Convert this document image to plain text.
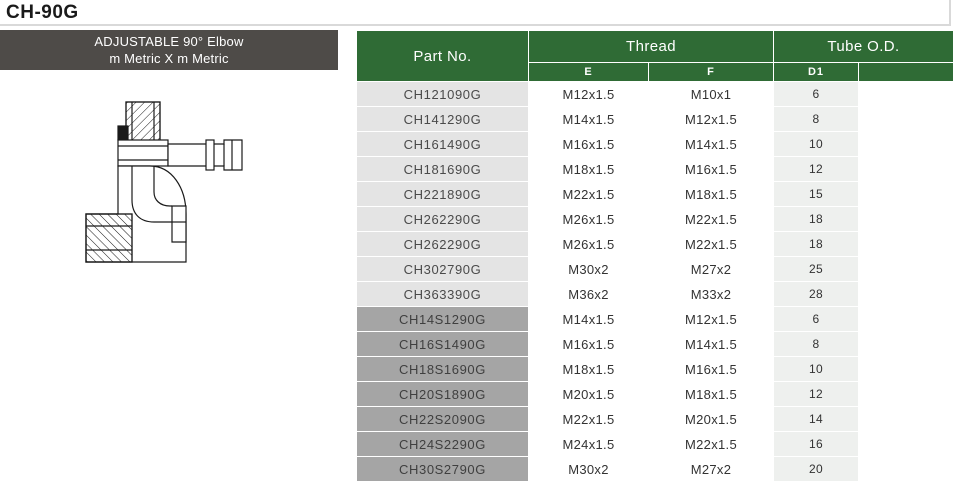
CH-90G
ADJUSTABLE 90° Elbow
m Metric X m Metric	Part No.	Thread		Tube O.D.	
	E	F	D1	
CH121090G	M12x1.5	M10x1	6	
CH141290G	M14x1.5	M12x1.5	8	
CH161490G	M16x1.5	M14x1.5	10	
CH181690G	M18x1.5	M16x1.5	12	
CH221890G	M22x1.5	M18x1.5	15	
CH262290G	M26x1.5	M22x1.5	18	
CH262290G	M26x1.5	M22x1.5	18	
CH302790G	M30x2	M27x2	25	
CH363390G	M36x2	M33x2	28	
CH14S1290G	M14x1.5	M12x1.5	6	
CH16S1490G	M16x1.5	M14x1.5	8	
CH18S1690G	M18x1.5	M16x1.5	10	
CH20S1890G	M20x1.5	M18x1.5	12	
CH22S2090G	M22x1.5	M20x1.5	14	
CH24S2290G	M24x1.5	M22x1.5	16	
CH30S2790G	M30x2	M27x2	20	
